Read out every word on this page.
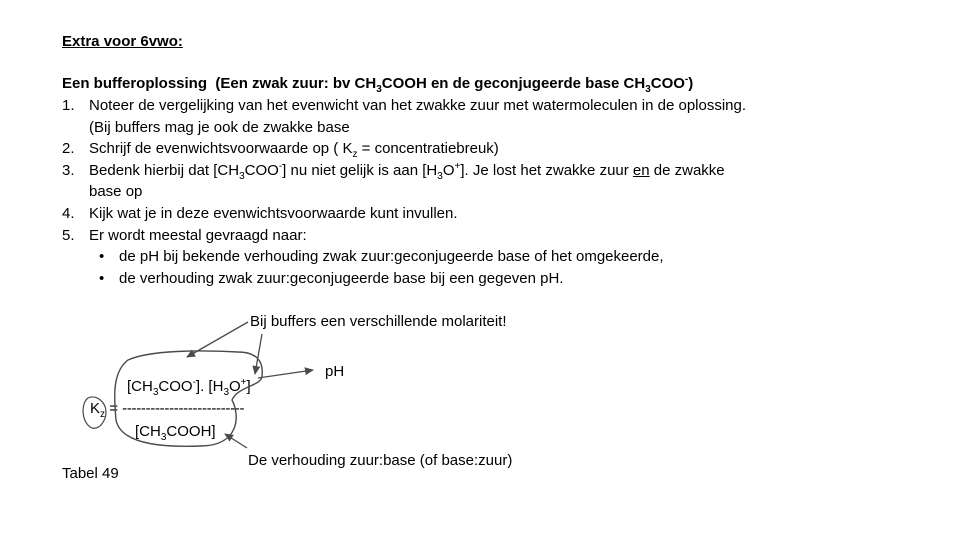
Extra voor 6vwo:
Een bufferoplossing (Een zwak zuur: bv $CH_3COOH$ en de geconjugeerde base $CH_3COO^-$)
1. Noteer de vergelijking van het evenwicht van het zwakke zuur met watermoleculen in de oplossing. (Bij buffers mag je ook de zwakke base
2. Schrijf de evenwichtsvoorwaarde op ( $K_z$ = concentratiebreuk)
3. Bedenk hierbij dat $[CH_3COO^-]$ nu niet gelijk is aan $[H_3O^+]$. Je lost het zwakke zuur en de zwakke base op
4. Kijk wat je in deze evenwichtsvoorwaarde kunt invullen.
5. Er wordt meestal gevraagd naar:
• de pH bij bekende verhouding zwak zuur:geconjugeerde base of het omgekeerde,
• de verhouding zwak zuur:geconjugeerde base bij een gegeven pH.
Bij buffers een verschillende molariteit!
$[CH_3COO^-]$. $[H_3O^+]$
$K_z$ = --------------------------
$[CH_3COOH]$
pH
De verhouding zuur:base (of base:zuur)
Tabel 49
